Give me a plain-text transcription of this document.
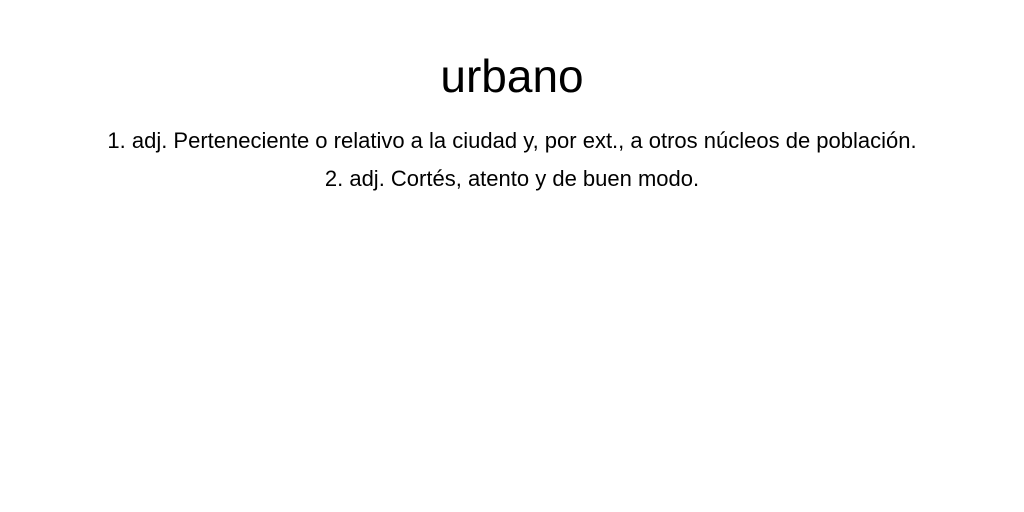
urbano
1. adj. Perteneciente o relativo a la ciudad y, por ext., a otros núcleos de población.
2. adj. Cortés, atento y de buen modo.
